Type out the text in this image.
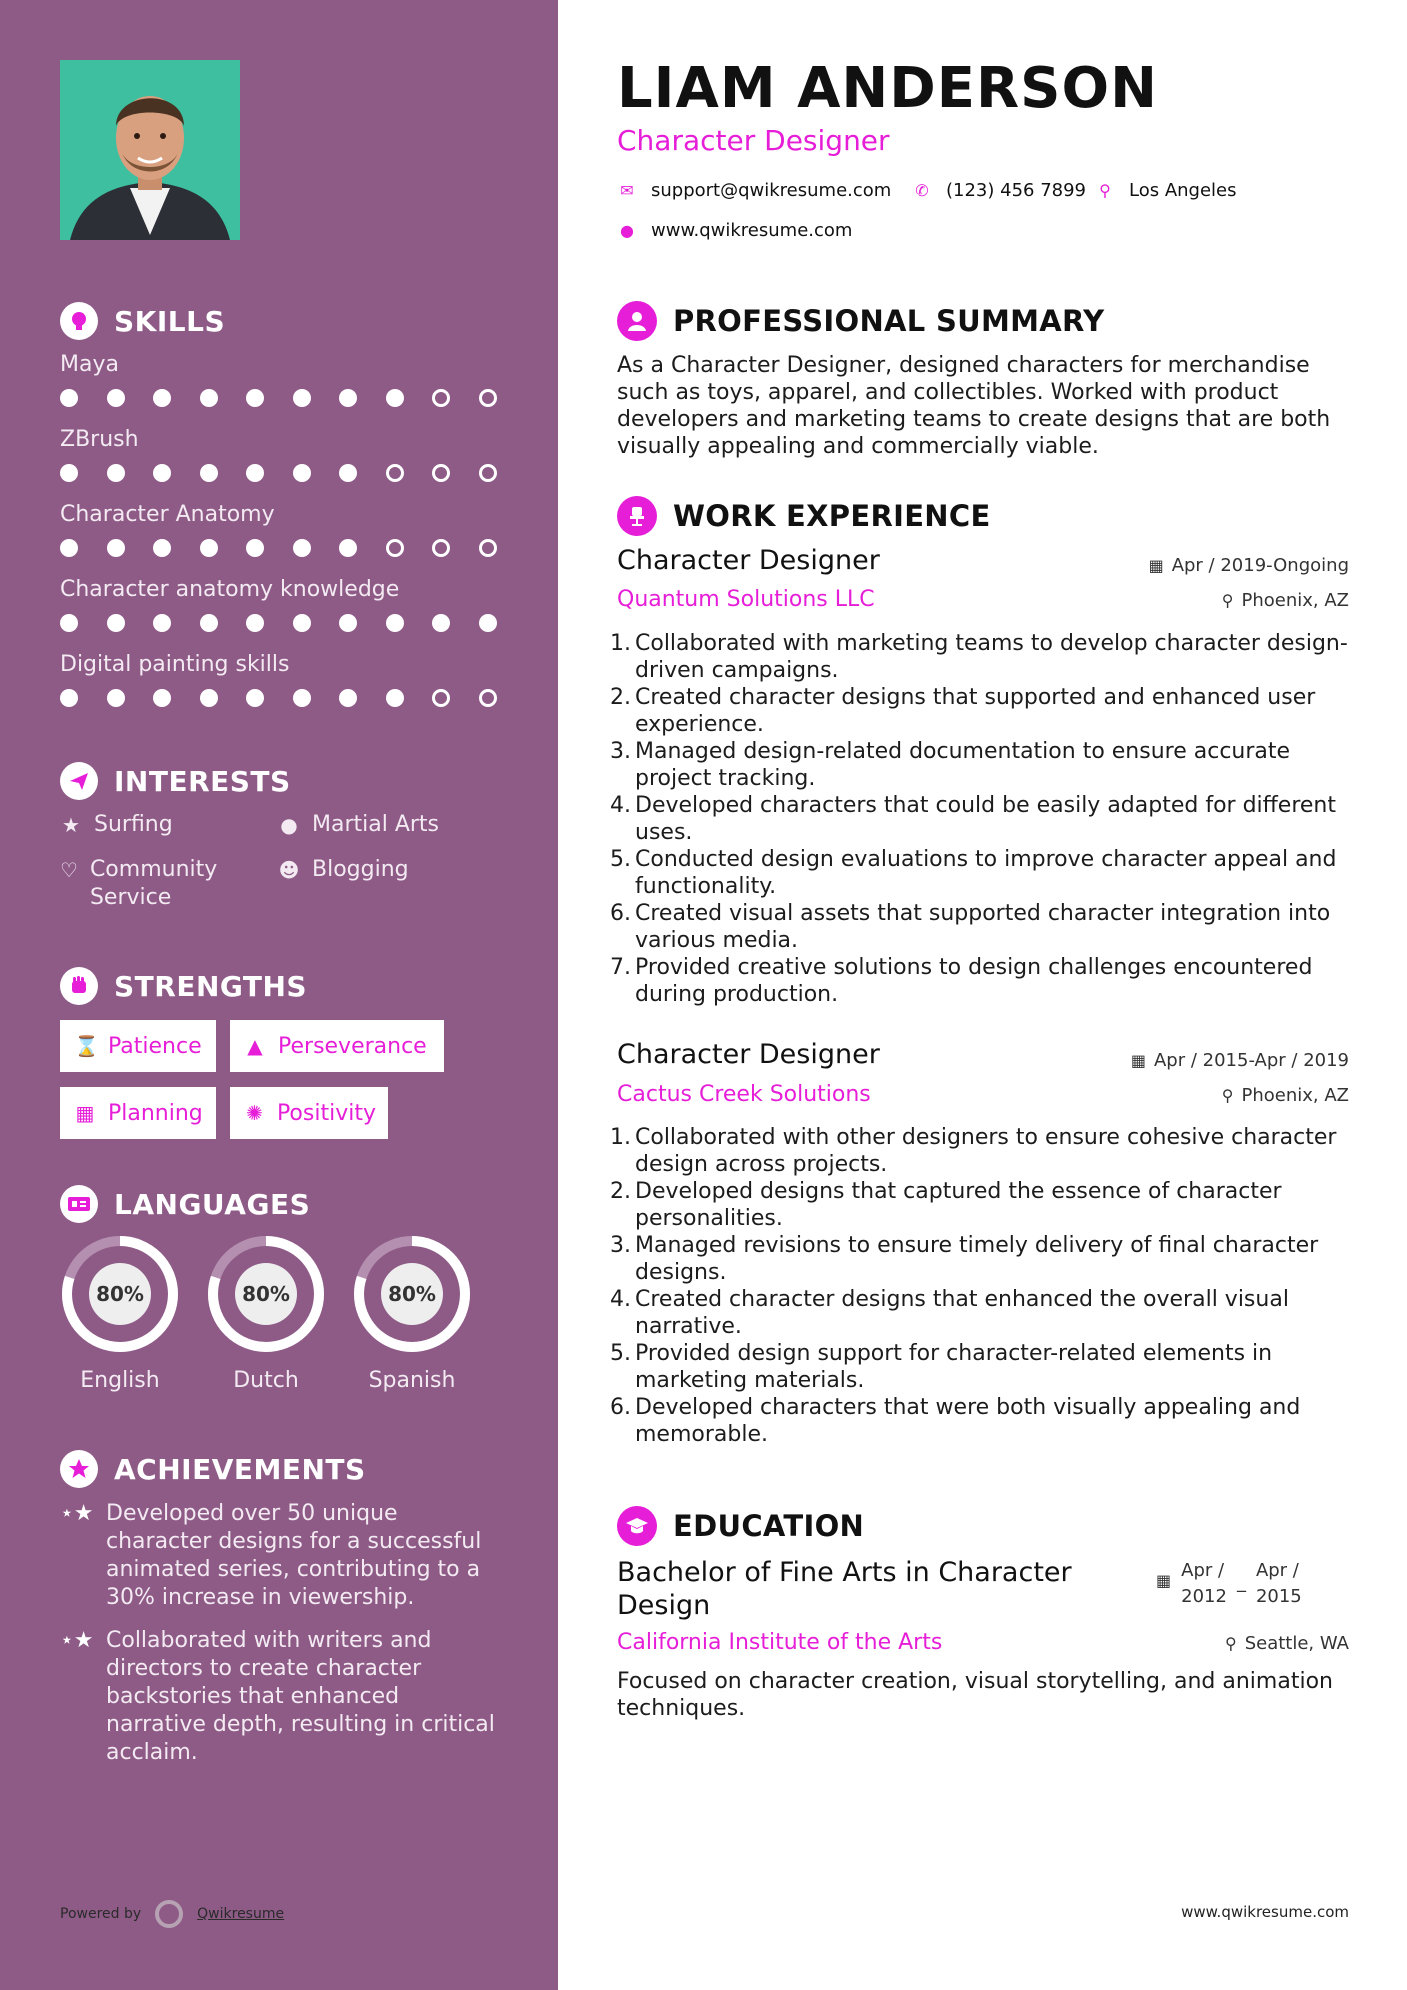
SKILLS
Maya
ZBrush
Character Anatomy
Character anatomy knowledge
Digital painting skills
INTERESTS
★ Surfing	● Martial Arts
♡ Community Service
☻ Blogging
STRENGTHS
⌛ Patience ▲ Perseverance
▦ Planning ✺ Positivity
LANGUAGES
80%
English
80%
Dutch
80%
Spanish
ACHIEVEMENTS
⋆★ Developed over 50 unique character designs for a successful animated series, contributing to a 30% increase in viewership.
⋆★ Collaborated with writers and directors to create character backstories that enhanced narrative depth, resulting in critical acclaim.
Powered by	Qwikresume
LIAM ANDERSON
Character Designer
✉ support@qwikresume.com ✆ (123) 456 7899 ⚲ Los Angeles
● www.qwikresume.com
PROFESSIONAL SUMMARY
As a Character Designer, designed characters for merchandise such as toys, apparel, and collectibles. Worked with product developers and marketing teams to create designs that are both visually appealing and commercially viable.
WORK EXPERIENCE
Character Designer
Quantum Solutions LLC
▦ Apr / 2019-Ongoing
⚲ Phoenix, AZ
1. Collaborated with marketing teams to develop character design-driven campaigns.
2. Created character designs that supported and enhanced user experience.
3. Managed design-related documentation to ensure accurate project tracking.
4. Developed characters that could be easily adapted for different uses.
5. Conducted design evaluations to improve character appeal and functionality.
6. Created visual assets that supported character integration into various media.
7. Provided creative solutions to design challenges encountered during production.
Character Designer
Cactus Creek Solutions
▦ Apr / 2015-Apr / 2019
⚲ Phoenix, AZ
1. Collaborated with other designers to ensure cohesive character design across projects.
2. Developed designs that captured the essence of character personalities.
3. Managed revisions to ensure timely delivery of final character designs.
4. Created character designs that enhanced the overall visual narrative.
5. Provided design support for character-related elements in marketing materials.
6. Developed characters that were both visually appealing and memorable.
EDUCATION
Bachelor of Fine Arts in Character Design
▦ Apr /
2012
_
Apr /
2015
California Institute of the Arts	⚲ Seattle, WA
Focused on character creation, visual storytelling, and animation techniques.
www.qwikresume.com
